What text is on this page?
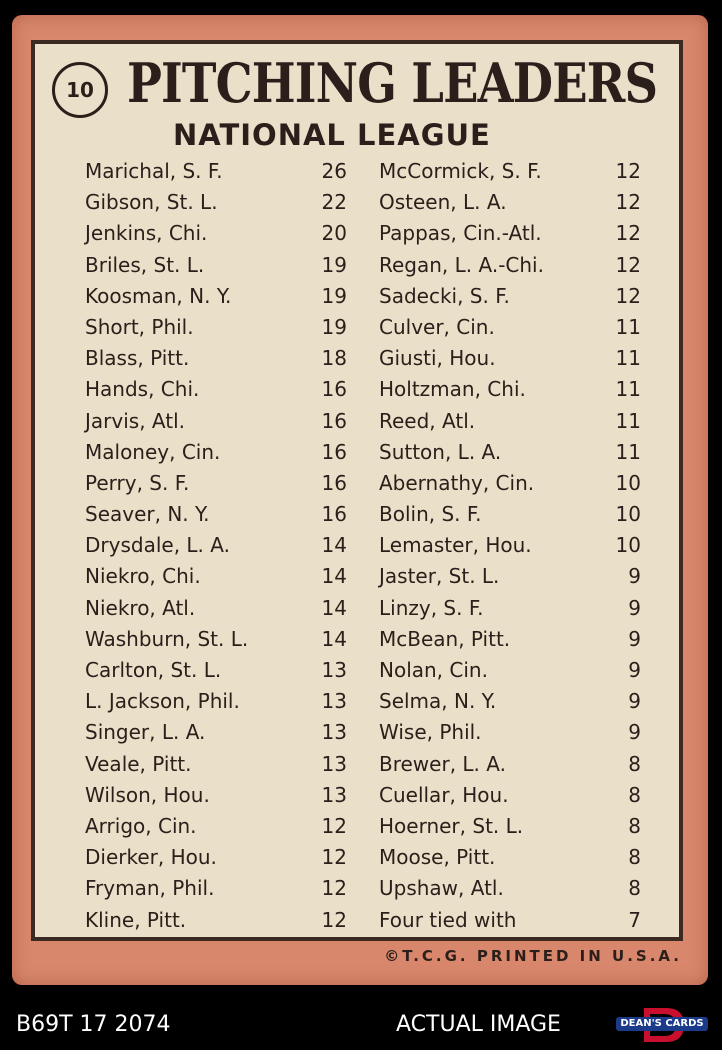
10 PITCHING LEADERS
NATIONAL LEAGUE
Marichal, S. F.	26
Gibson, St. L.	22
Jenkins, Chi.	20
Briles, St. L.	19
Koosman, N. Y.	19
Short, Phil.	19
Blass, Pitt.	18
Hands, Chi.	16
Jarvis, Atl.	16
Maloney, Cin.	16
Perry, S. F.	16
Seaver, N. Y.	16
Drysdale, L. A.	14
Niekro, Chi.	14
Niekro, Atl.	14
Washburn, St. L.	14
Carlton, St. L.	13
L. Jackson, Phil.	13
Singer, L. A.	13
Veale, Pitt.	13
Wilson, Hou.	13
Arrigo, Cin.	12
Dierker, Hou.	12
Fryman, Phil.	12
Kline, Pitt.	12
McCormick, S. F.	12
Osteen, L. A.	12
Pappas, Cin.-Atl.	12
Regan, L. A.-Chi.	12
Sadecki, S. F.	12
Culver, Cin.	11
Giusti, Hou.	11
Holtzman, Chi.	11
Reed, Atl.	11
Sutton, L. A.	11
Abernathy, Cin.	10
Bolin, S. F.	10
Lemaster, Hou.	10
Jaster, St. L.	9
Linzy, S. F.	9
McBean, Pitt.	9
Nolan, Cin.	9
Selma, N. Y.	9
Wise, Phil.	9
Brewer, L. A.	8
Cuellar, Hou.	8
Hoerner, St. L.	8
Moose, Pitt.	8
Upshaw, Atl.	8
Four tied with	7
©T.C.G. PRINTED IN U.S.A.
B69T 17 2074	ACTUAL IMAGE	DEAN'S CARDS
